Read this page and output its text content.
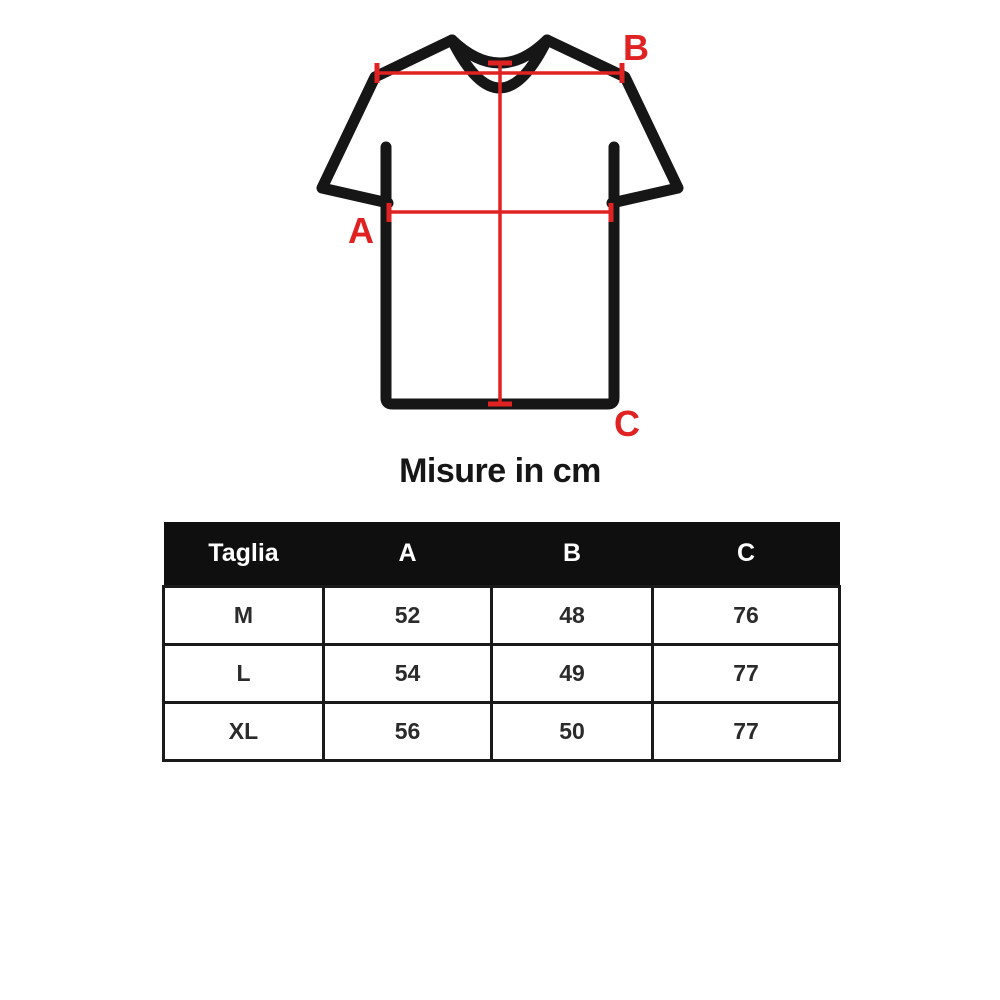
A
B
C
Misure in cm
Taglia	A	B	C
M	52	48	76
L	54	49	77
XL	56	50	77
